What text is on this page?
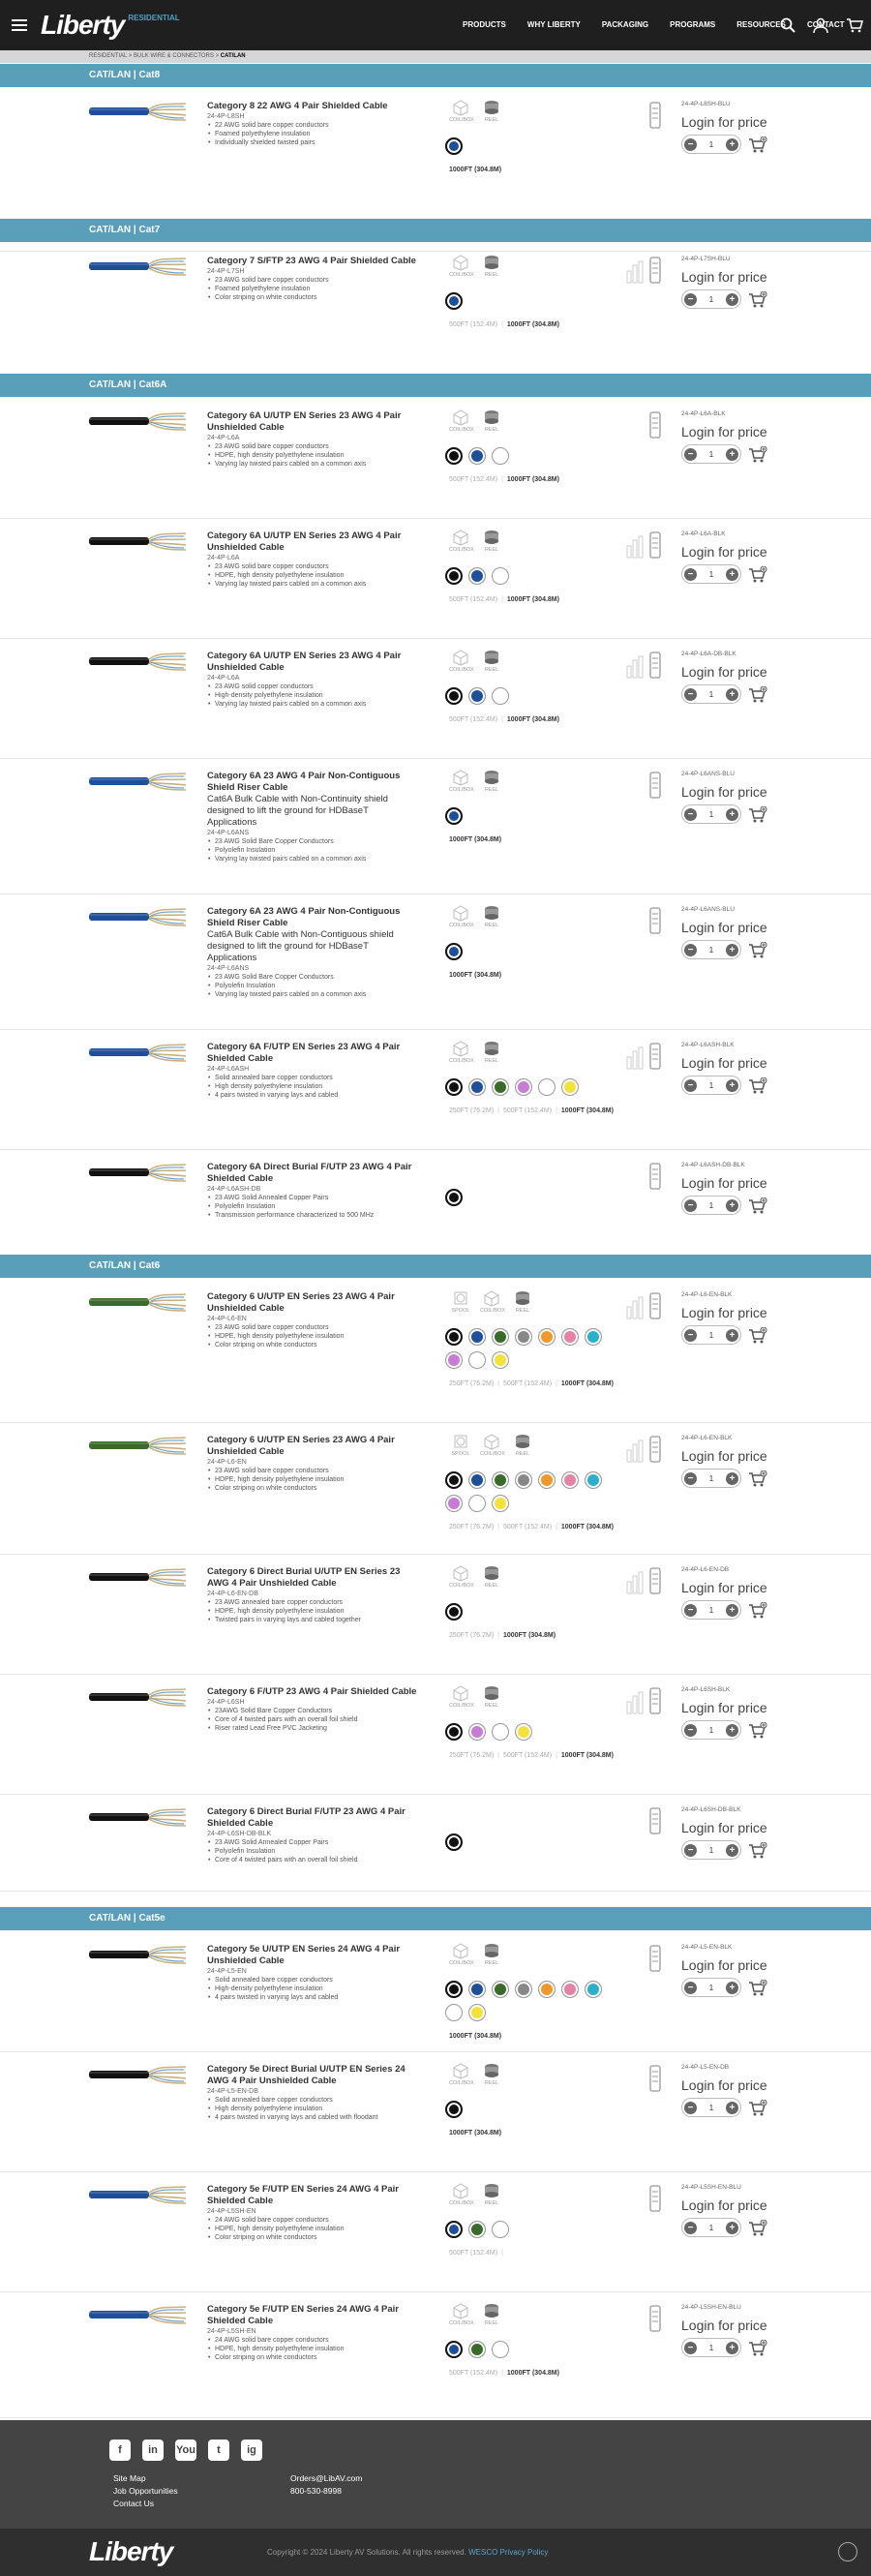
Liberty RESIDENTIAL
PRODUCTS	WHY LIBERTY	PACKAGING	PROGRAMS	RESOURCES	CONTACT
RESIDENTIAL > BULK WIRE & CONNECTORS > CAT/LAN
CAT/LAN | Cat8
Category 8 22 AWG 4 Pair Shielded Cable
24-4P-L8SH
• 22 AWG solid bare copper conductors
• Foamed polyethylene insulation
• Individually shielded twisted pairs
COIL/BOX	REEL
1000FT (304.8M)
24-4P-L8SH-BLU
Login for price
−	1	+
CAT/LAN | Cat7
Category 7 S/FTP 23 AWG 4 Pair Shielded Cable
24-4P-L7SH
• 23 AWG solid bare copper conductors
• Foamed polyethylene insulation
• Color striping on white conductors
COIL/BOX	REEL
500FT (152.4M) | 1000FT (304.8M)
24-4P-L7SH-BLU
Login for price
−	1	+
CAT/LAN | Cat6A
Category 6A U/UTP EN Series 23 AWG 4 Pair Unshielded Cable
24-4P-L6A
• 23 AWG solid bare copper conductors
• HDPE, high density polyethylene insulation
• Varying lay twisted pairs cabled on a common axis
COIL/BOX	REEL
500FT (152.4M) | 1000FT (304.8M)
24-4P-L6A-BLK
Login for price
−	1	+
Category 6A U/UTP EN Series 23 AWG 4 Pair Unshielded Cable
24-4P-L6A
• 23 AWG solid bare copper conductors
• HDPE, high density polyethylene insulation
• Varying lay twisted pairs cabled on a common axis
COIL/BOX	REEL
500FT (152.4M) | 1000FT (304.8M)
24-4P-L6A-BLK
Login for price
−	1	+
Category 6A U/UTP EN Series 23 AWG 4 Pair Unshielded Cable
24-4P-L6A
• 23 AWG solid copper conductors
• High-density polyethylene insulation
• Varying lay twisted pairs cabled on a common axis
COIL/BOX	REEL
500FT (152.4M) | 1000FT (304.8M)
24-4P-L6A-DB-BLK
Login for price
−	1	+
Category 6A 23 AWG 4 Pair Non-Contiguous Shield Riser Cable
Cat6A Bulk Cable with Non-Continuity shield designed to lift the ground for HDBaseT Applications
24-4P-L6ANS
• 23 AWG Solid Bare Copper Conductors
• Polyolefin Insulation
• Varying lay twisted pairs cabled on a common axis
COIL/BOX	REEL
1000FT (304.8M)
24-4P-L6ANS-BLU
Login for price
−	1	+
Category 6A 23 AWG 4 Pair Non-Contiguous Shield Riser Cable
Cat6A Bulk Cable with Non-Contiguous shield designed to lift the ground for HDBaseT Applications
24-4P-L6ANS
• 23 AWG Solid Bare Copper Conductors
• Polyolefin Insulation
• Varying lay twisted pairs cabled on a common axis
COIL/BOX	REEL
1000FT (304.8M)
24-4P-L6ANS-BLU
Login for price
−	1	+
Category 6A F/UTP EN Series 23 AWG 4 Pair Shielded Cable
24-4P-L6ASH
• Solid annealed bare copper conductors
• High density polyethylene insulation
• 4 pairs twisted in varying lays and cabled
COIL/BOX	REEL
250FT (76.2M) | 500FT (152.4M) | 1000FT (304.8M)
24-4P-L6ASH-BLK
Login for price
−	1	+
Category 6A Direct Burial F/UTP 23 AWG 4 Pair Shielded Cable
24-4P-L6ASH-DB
• 23 AWG Solid Annealed Copper Pairs
• Polyolefin Insulation
• Transmission performance characterized to 500 MHz
24-4P-L6ASH-DB-BLK
Login for price
−	1	+
CAT/LAN | Cat6
Category 6 U/UTP EN Series 23 AWG 4 Pair Unshielded Cable
24-4P-L6-EN
• 23 AWG solid bare copper conductors
• HDPE, high density polyethylene insulation
• Color striping on white conductors
SPOOL	COIL/BOX	REEL
250FT (76.2M) | 500FT (152.4M) | 1000FT (304.8M)
24-4P-L6-EN-BLK
Login for price
−	1	+
Category 6 U/UTP EN Series 23 AWG 4 Pair Unshielded Cable
24-4P-L6-EN
• 23 AWG solid bare copper conductors
• HDPE, high density polyethylene insulation
• Color striping on white conductors
SPOOL	COIL/BOX	REEL
250FT (76.2M) | 500FT (152.4M) | 1000FT (304.8M)
24-4P-L6-EN-BLK
Login for price
−	1	+
Category 6 Direct Burial U/UTP EN Series 23 AWG 4 Pair Unshielded Cable
24-4P-L6-EN-DB
• 23 AWG annealed bare copper conductors
• HDPE, high density polyethylene insulation
• Twisted pairs in varying lays and cabled together
COIL/BOX	REEL
250FT (76.2M) | 1000FT (304.8M)
24-4P-L6-EN-DB
Login for price
−	1	+
Category 6 F/UTP 23 AWG 4 Pair Shielded Cable
24-4P-L6SH
• 23AWG Solid Bare Copper Conductors
• Core of 4 twisted pairs with an overall foil shield
• Riser rated Lead Free PVC Jacketing
COIL/BOX	REEL
250FT (76.2M) | 500FT (152.4M) | 1000FT (304.8M)
24-4P-L6SH-BLK
Login for price
−	1	+
Category 6 Direct Burial F/UTP 23 AWG 4 Pair Shielded Cable
24-4P-L6SH-DB-BLK
• 23 AWG Solid Annealed Copper Pairs
• Polyolefin Insulation
• Core of 4 twisted pairs with an overall foil shield
24-4P-L6SH-DB-BLK
Login for price
−	1	+
CAT/LAN | Cat5e
Category 5e U/UTP EN Series 24 AWG 4 Pair Unshielded Cable
24-4P-L5-EN
• Solid annealed bare copper conductors
• High-density polyethylene insulation
• 4 pairs twisted in varying lays and cabled
COIL/BOX	REEL
1000FT (304.8M)
24-4P-L5-EN-BLK
Login for price
−	1	+
Category 5e Direct Burial U/UTP EN Series 24 AWG 4 Pair Unshielded Cable
24-4P-L5-EN-DB
• Solid annealed bare copper conductors
• High density polyethylene insulation
• 4 pairs twisted in varying lays and cabled with floodant
COIL/BOX	REEL
1000FT (304.8M)
24-4P-L5-EN-DB
Login for price
−	1	+
Category 5e F/UTP EN Series 24 AWG 4 Pair Shielded Cable
24-4P-L5SH-EN
• 24 AWG solid bare copper conductors
• HDPE, high density polyethylene insulation
• Color striping on white conductors
COIL/BOX	REEL
500FT (152.4M) |
24-4P-L5SH-EN-BLU
Login for price
−	1	+
Category 5e F/UTP EN Series 24 AWG 4 Pair Shielded Cable
24-4P-L5SH-EN
• 24 AWG solid bare copper conductors
• HDPE, high density polyethylene insulation
• Color striping on white conductors
COIL/BOX	REEL
500FT (152.4M) | 1000FT (304.8M)
24-4P-L5SH-EN-BLU
Login for price
−	1	+
f	in	You Tube
t	ig
Site Map
Job Opportunities
Contact Us
Orders@LibAV.com
800-530-8998
Liberty	Copyright © 2024 Liberty AV Solutions. All rights reserved. WESCO Privacy Policy
